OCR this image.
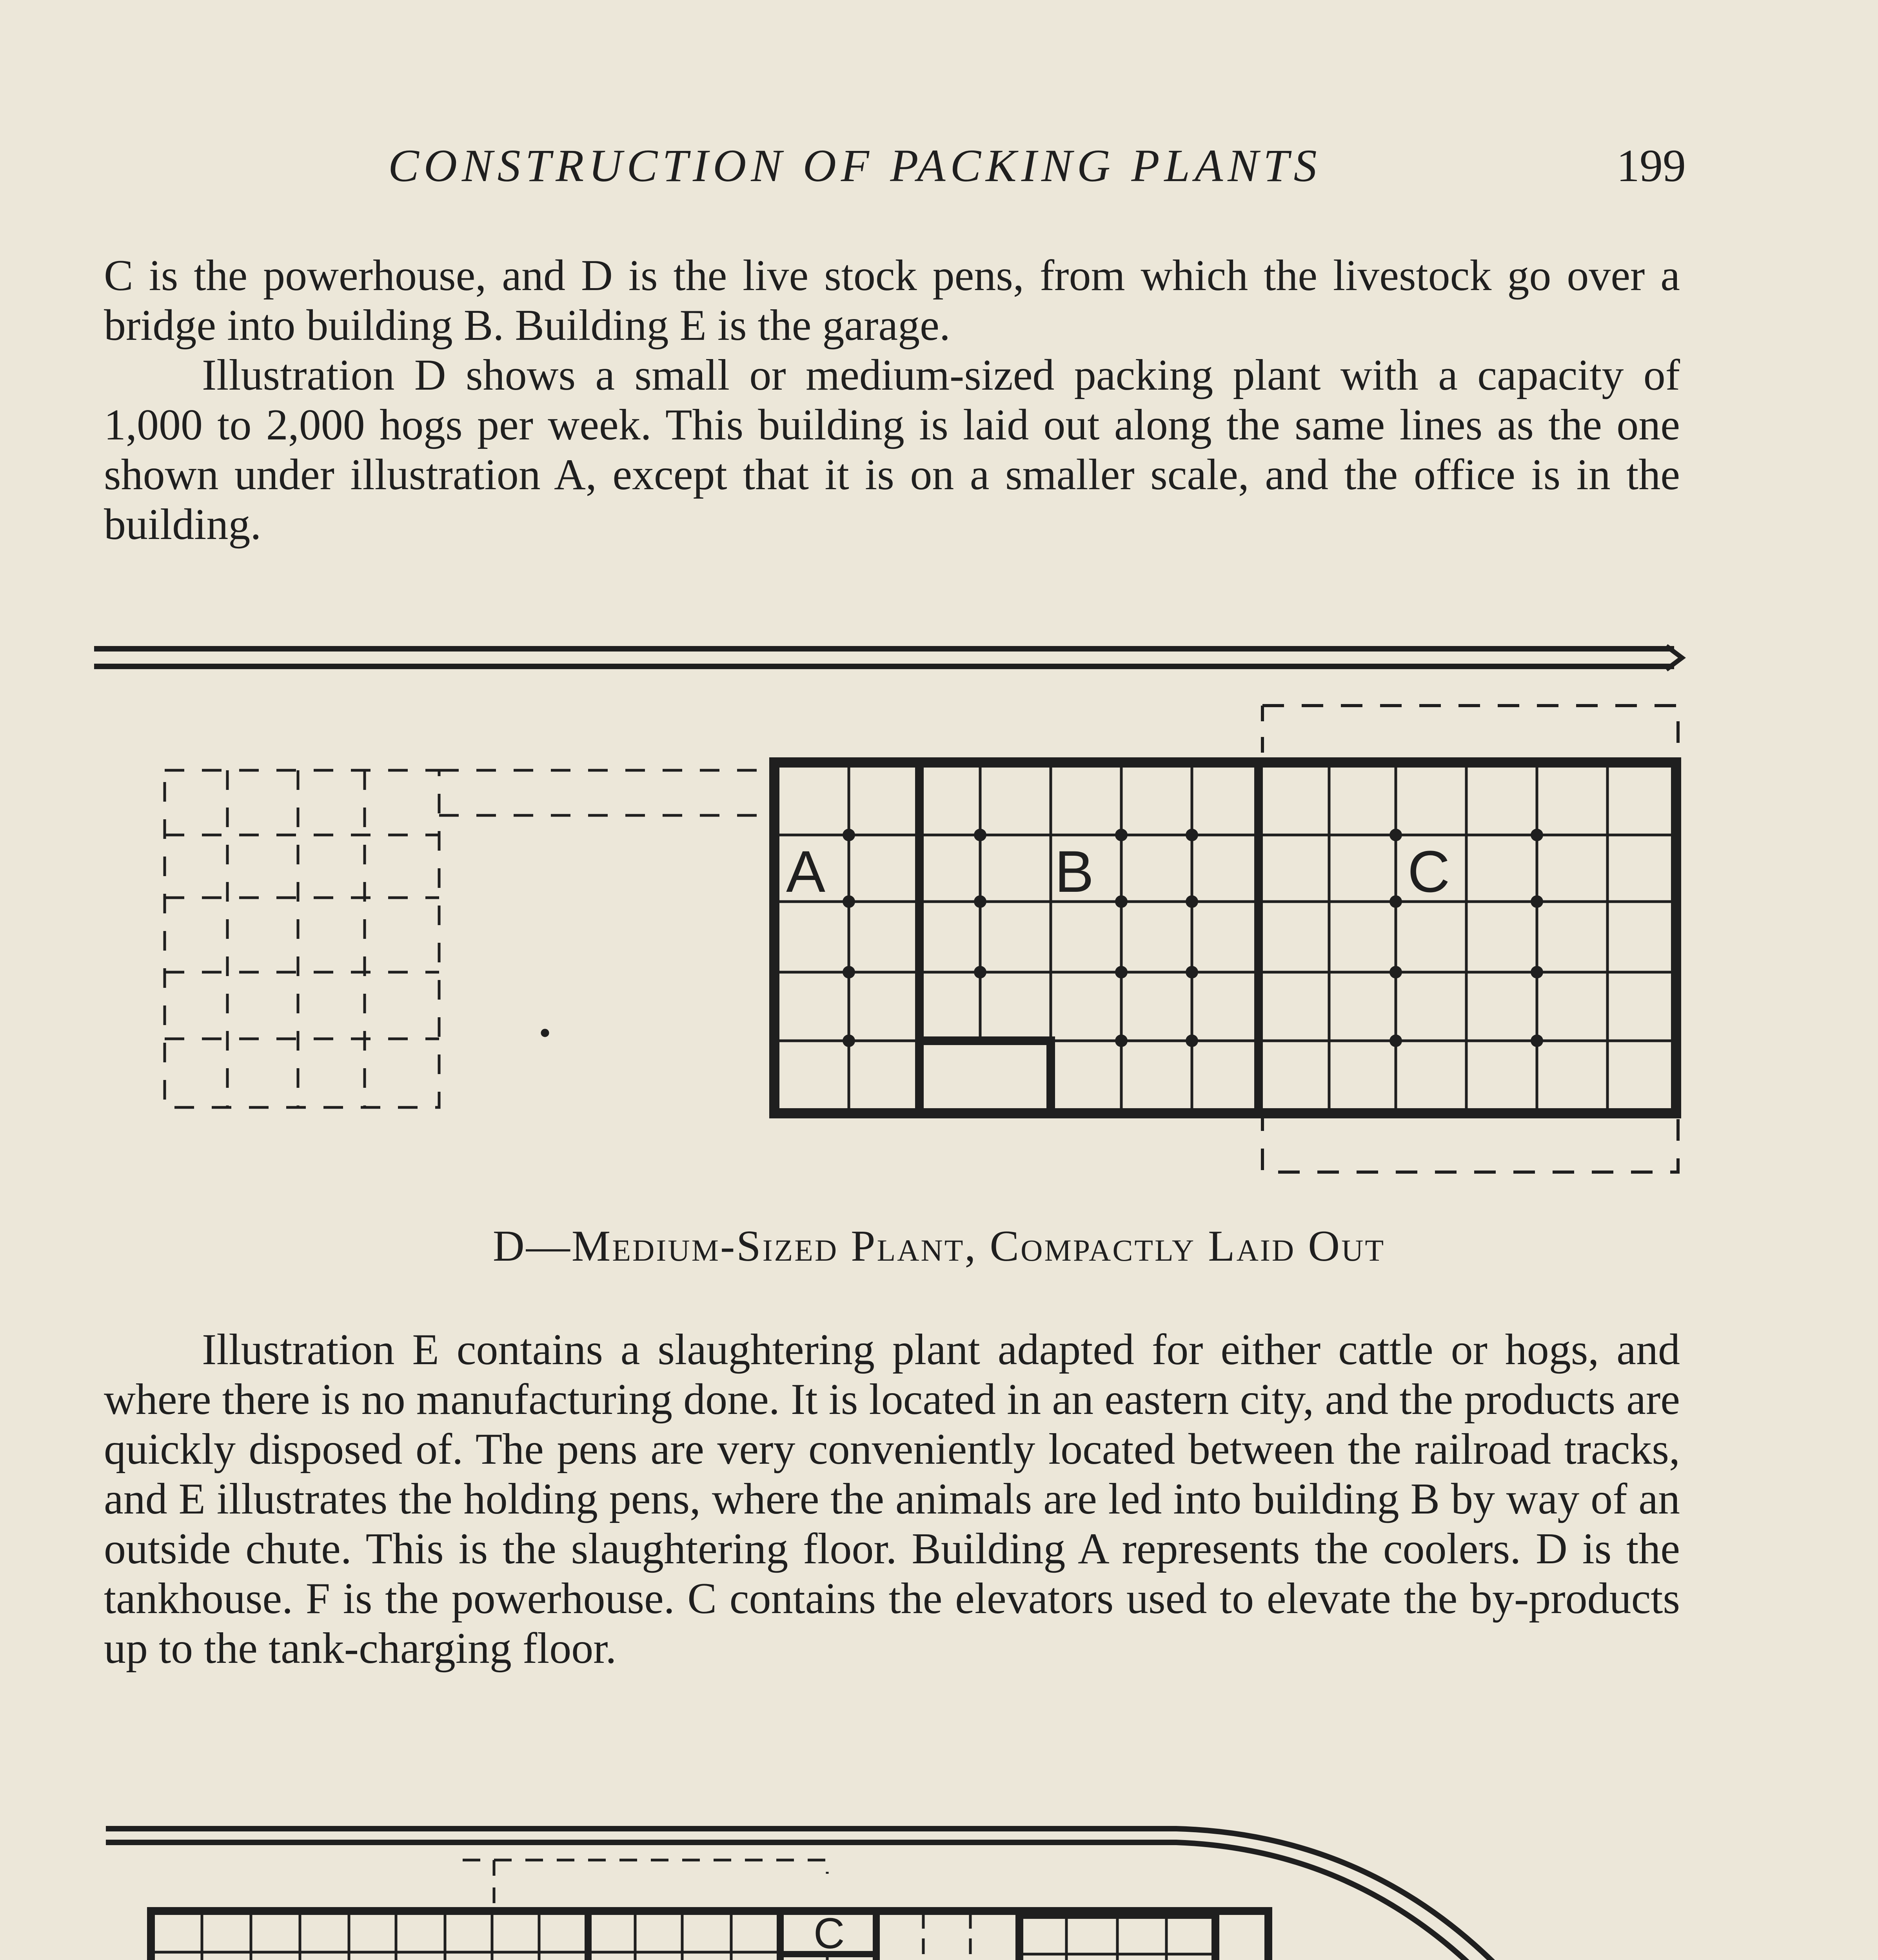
CONSTRUCTION OF PACKING PLANTS	199

C is the powerhouse, and D is the live stock pens, from which the livestock go over a bridge into building B. Building E is the garage.

Illustration D shows a small or medium-sized packing plant with a capacity of 1,000 to 2,000 hogs per week. This building is laid out along the same lines as the one shown under illustration A, except that it is on a smaller scale, and the office is in the building.

A	B	C
D—Medium-Sized Plant, Compactly Laid Out

Illustration E contains a slaughtering plant adapted for either cattle or hogs, and where there is no manufacturing done. It is located in an eastern city, and the products are quickly disposed of. The pens are very conveniently located between the railroad tracks, and E illustrates the holding pens, where the animals are led into building B by way of an outside chute. This is the slaughtering floor. Building A represents the coolers. D is the tankhouse. F is the powerhouse. C contains the elevators used to elevate the by-products up to the tank-charging floor.

C
